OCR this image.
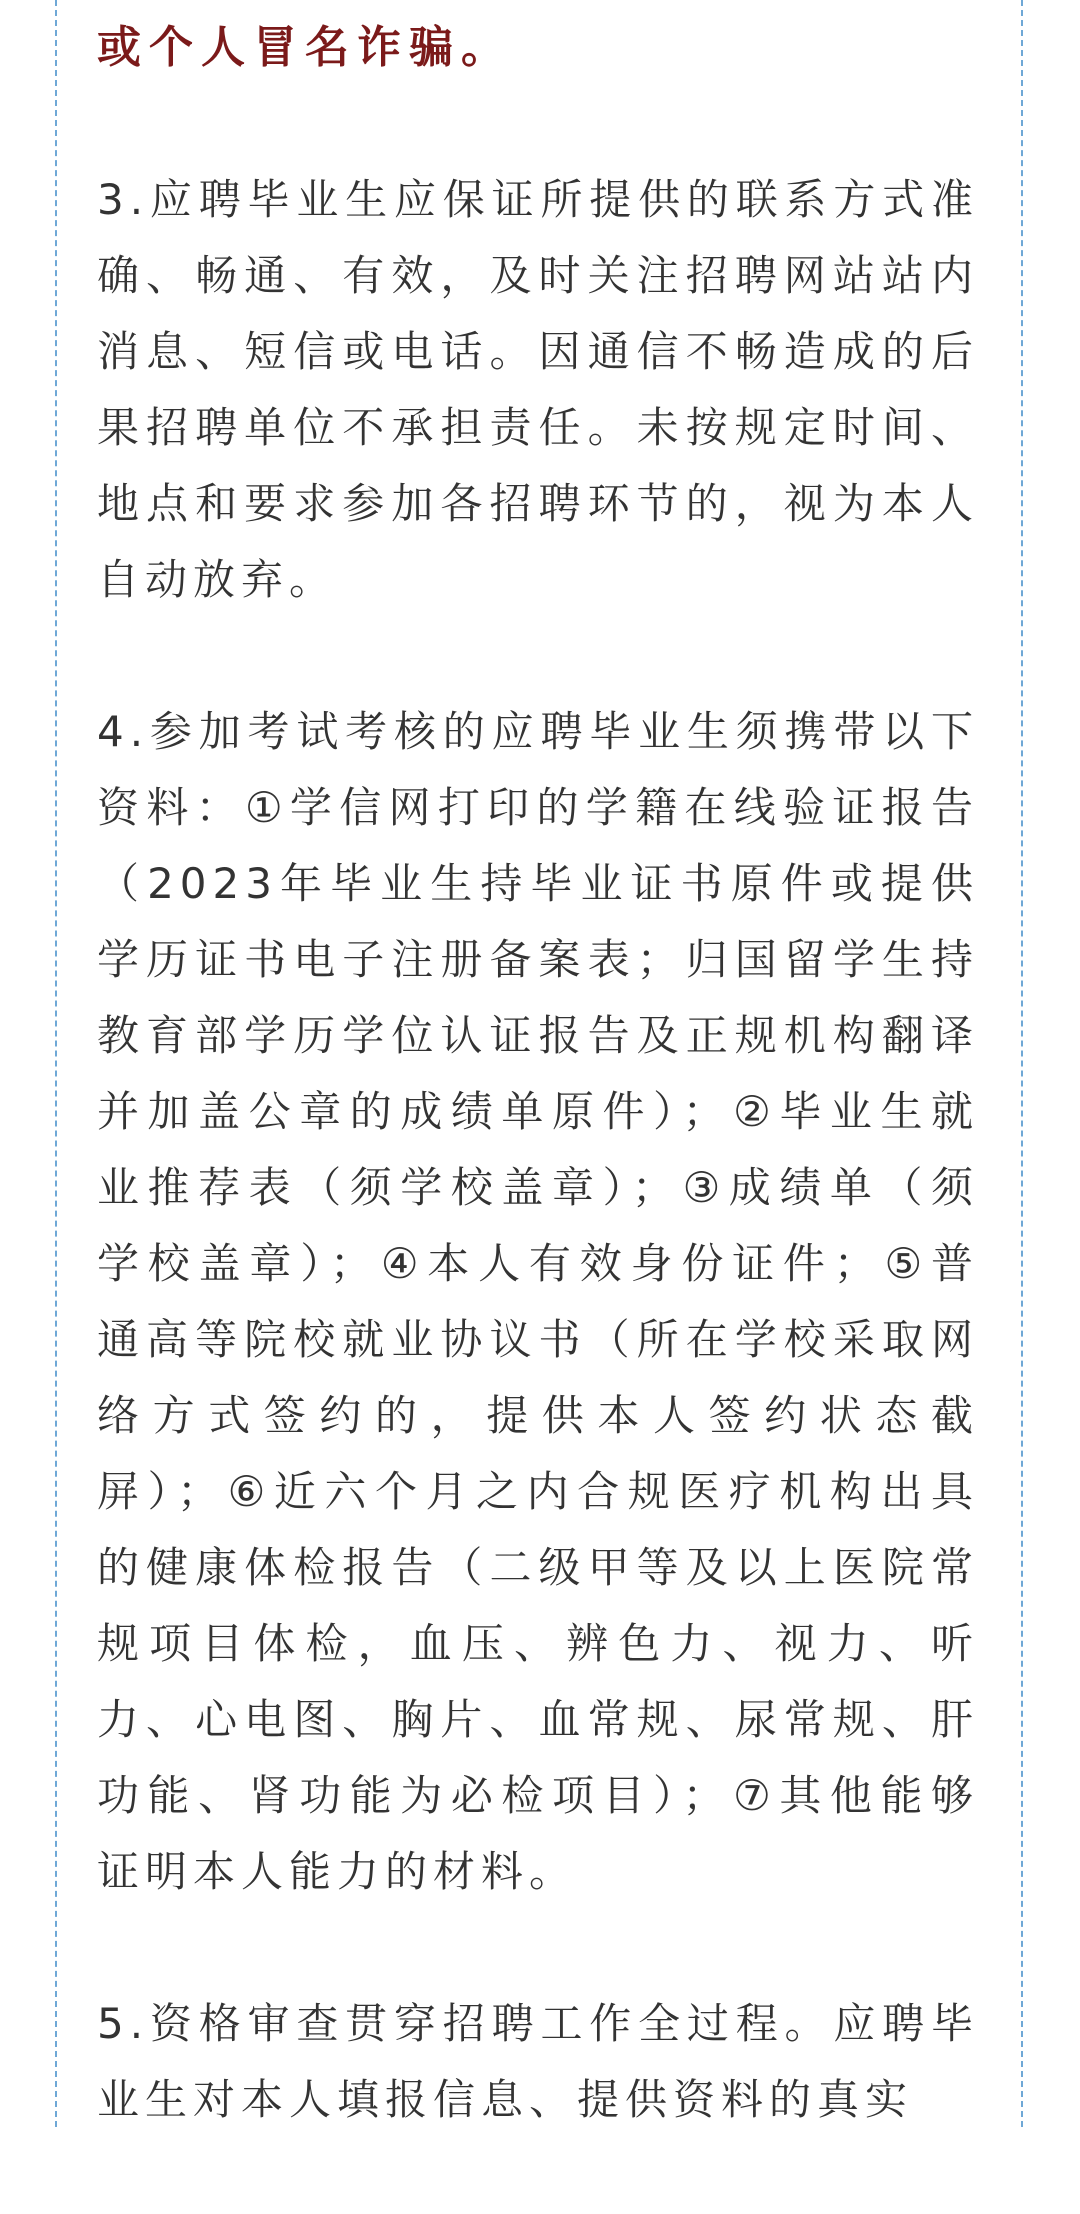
或个人冒名诈骗。

3.应聘毕业生应保证所提供的联系方式准确、畅通、有效，及时关注招聘网站站内消息、短信或电话。因通信不畅造成的后果招聘单位不承担责任。未按规定时间、地点和要求参加各招聘环节的，视为本人自动放弃。

4.参加考试考核的应聘毕业生须携带以下资料：①学信网打印的学籍在线验证报告（2023年毕业生持毕业证书原件或提供学历证书电子注册备案表；归国留学生持教育部学历学位认证报告及正规机构翻译并加盖公章的成绩单原件）；②毕业生就业推荐表（须学校盖章）；③成绩单（须学校盖章）；④本人有效身份证件；⑤普通高等院校就业协议书（所在学校采取网络方式签约的，提供本人签约状态截屏）；⑥近六个月之内合规医疗机构出具的健康体检报告（二级甲等及以上医院常规项目体检，血压、辨色力、视力、听力、心电图、胸片、血常规、尿常规、肝功能、肾功能为必检项目）；⑦其他能够证明本人能力的材料。

5.资格审查贯穿招聘工作全过程。应聘毕业生对本人填报信息、提供资料的真实
